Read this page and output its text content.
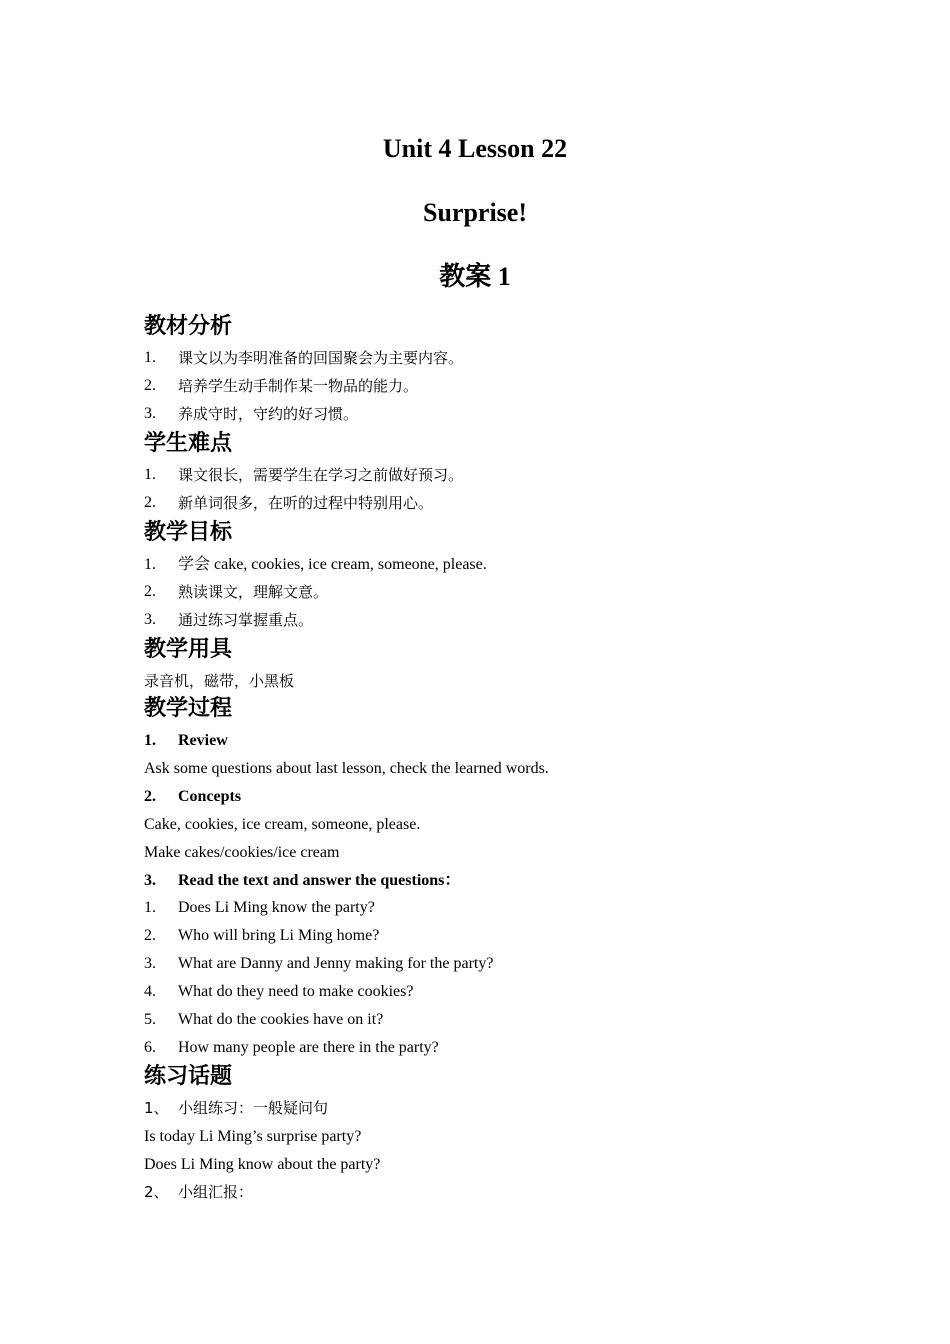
Unit 4 Lesson 22
Surprise!
教案 1
教材分析
1. 课文以为李明准备的回国聚会为主要内容。
2. 培养学生动手制作某一物品的能力。
3. 养成守时，守约的好习惯。
学生难点
1. 课文很长，需要学生在学习之前做好预习。
2. 新单词很多，在听的过程中特别用心。
教学目标
1. 学会 cake, cookies, ice cream, someone, please.
2. 熟读课文，理解文意。
3. 通过练习掌握重点。
教学用具
录音机，磁带，小黑板
教学过程
1. Review
Ask some questions about last lesson, check the learned words.
2. Concepts
Cake, cookies, ice cream, someone, please.
Make cakes/cookies/ice cream
3. Read the text and answer the questions：
1. Does Li Ming know the party?
2. Who will bring Li Ming home?
3. What are Danny and Jenny making for the party?
4. What do they need to make cookies?
5. What do the cookies have on it?
6. How many people are there in the party?
练习话题
1、 小组练习：一般疑问句
Is today Li Ming’s surprise party?
Does Li Ming know about the party?
2、 小组汇报：
